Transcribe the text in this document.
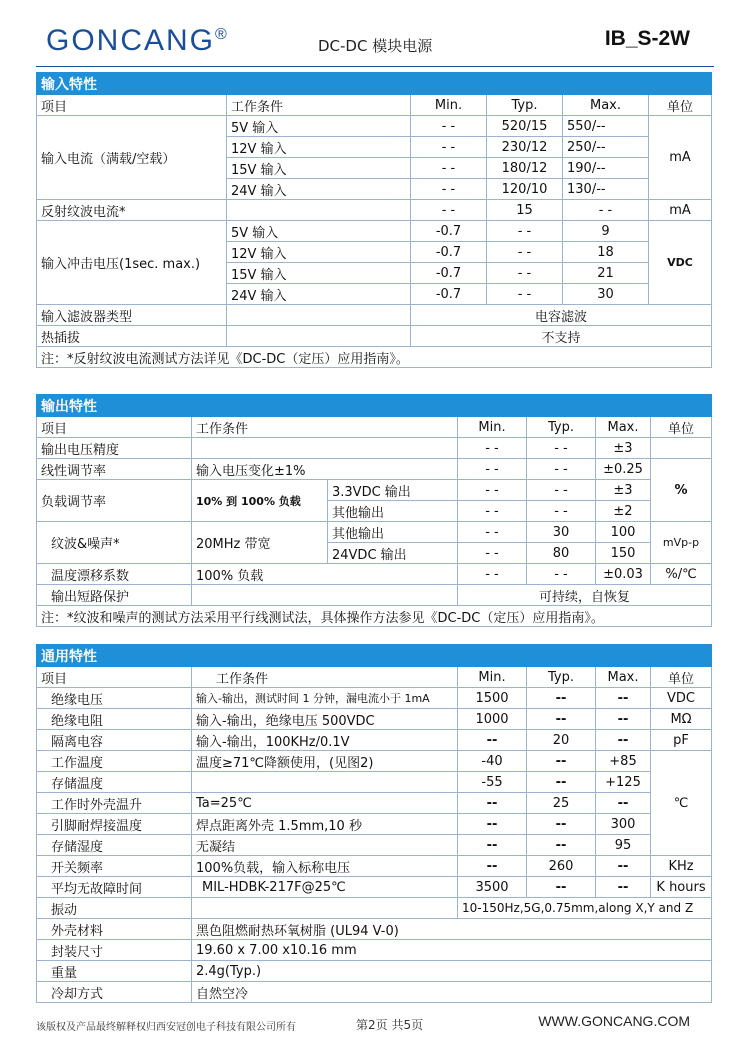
GONCANG®
DC-DC 模块电源	IB_S-2W
输入特性					
项目	工作条件	Min.	Typ.	Max.	单位
输入电流（满载/空载）	5V 输入	- -	520/15	550/--	mA
	12V 输入	- -	230/12	250/--	
	15V 输入	- -	180/12	190/--	
	24V 输入	- -	120/10	130/--	
反射纹波电流*		- -	15	- -	mA
输入冲击电压(1sec. max.)	5V 输入	-0.7	- -	9	VDC
	12V 输入	-0.7	- -	18	
	15V 输入	-0.7	- -	21	
	24V 输入	-0.7	- -	30	
输入滤波器类型		电容滤波			
热插拔		不支持			
注：*反射纹波电流测试方法详见《DC-DC（定压）应用指南》。					
输出特性						
项目	工作条件		Min.	Typ.	Max.	单位
输出电压精度			- -	- -	±3	
线性调节率	输入电压变化±1%		- -	- -	±0.25	%
负载调节率	10% 到 100% 负载	3.3VDC 输出	- -	- -	±3	
		其他输出	- -	- -	±2	
纹波&噪声*	20MHz 带宽	其他输出	- -	30	100	mVp-p
		24VDC 输出	- -	80	150	
温度漂移系数	100% 负载		- -	- -	±0.03	%/℃
输出短路保护			可持续，自恢复			
注：*纹波和噪声的测试方法采用平行线测试法，具体操作方法参见《DC-DC（定压）应用指南》。						
通用特性					
项目	工作条件	Min.	Typ.	Max.	单位
绝缘电压	输入-输出，测试时间 1 分钟，漏电流小于 1mA	1500	--	--	VDC
绝缘电阻	输入-输出，绝缘电压 500VDC	1000	--	--	MΩ
隔离电容	输入-输出，100KHz/0.1V	--	20	--	pF
工作温度	温度≥71℃降额使用，(见图2)	-40	--	+85	℃
存储温度		-55	--	+125	
工作时外壳温升	Ta=25℃	--	25	--	
引脚耐焊接温度	焊点距离外壳 1.5mm,10 秒	--	--	300	
存储湿度	无凝结	--	--	95	
开关频率	100%负载，输入标称电压	--	260	--	KHz
平均无故障时间	MIL-HDBK-217F@25℃	3500	--	--	K hours
振动		10-150Hz,5G,0.75mm,along X,Y and Z			
外壳材料	黑色阻燃耐热环氧树脂 (UL94 V-0)				
封装尺寸	19.60 x 7.00 x10.16 mm				
重量	2.4g(Typ.)				
冷却方式	自然空冷				
该版权及产品最终解释权归西安冠创电子科技有限公司所有	第2页 共5页	WWW.GONCANG.COM
